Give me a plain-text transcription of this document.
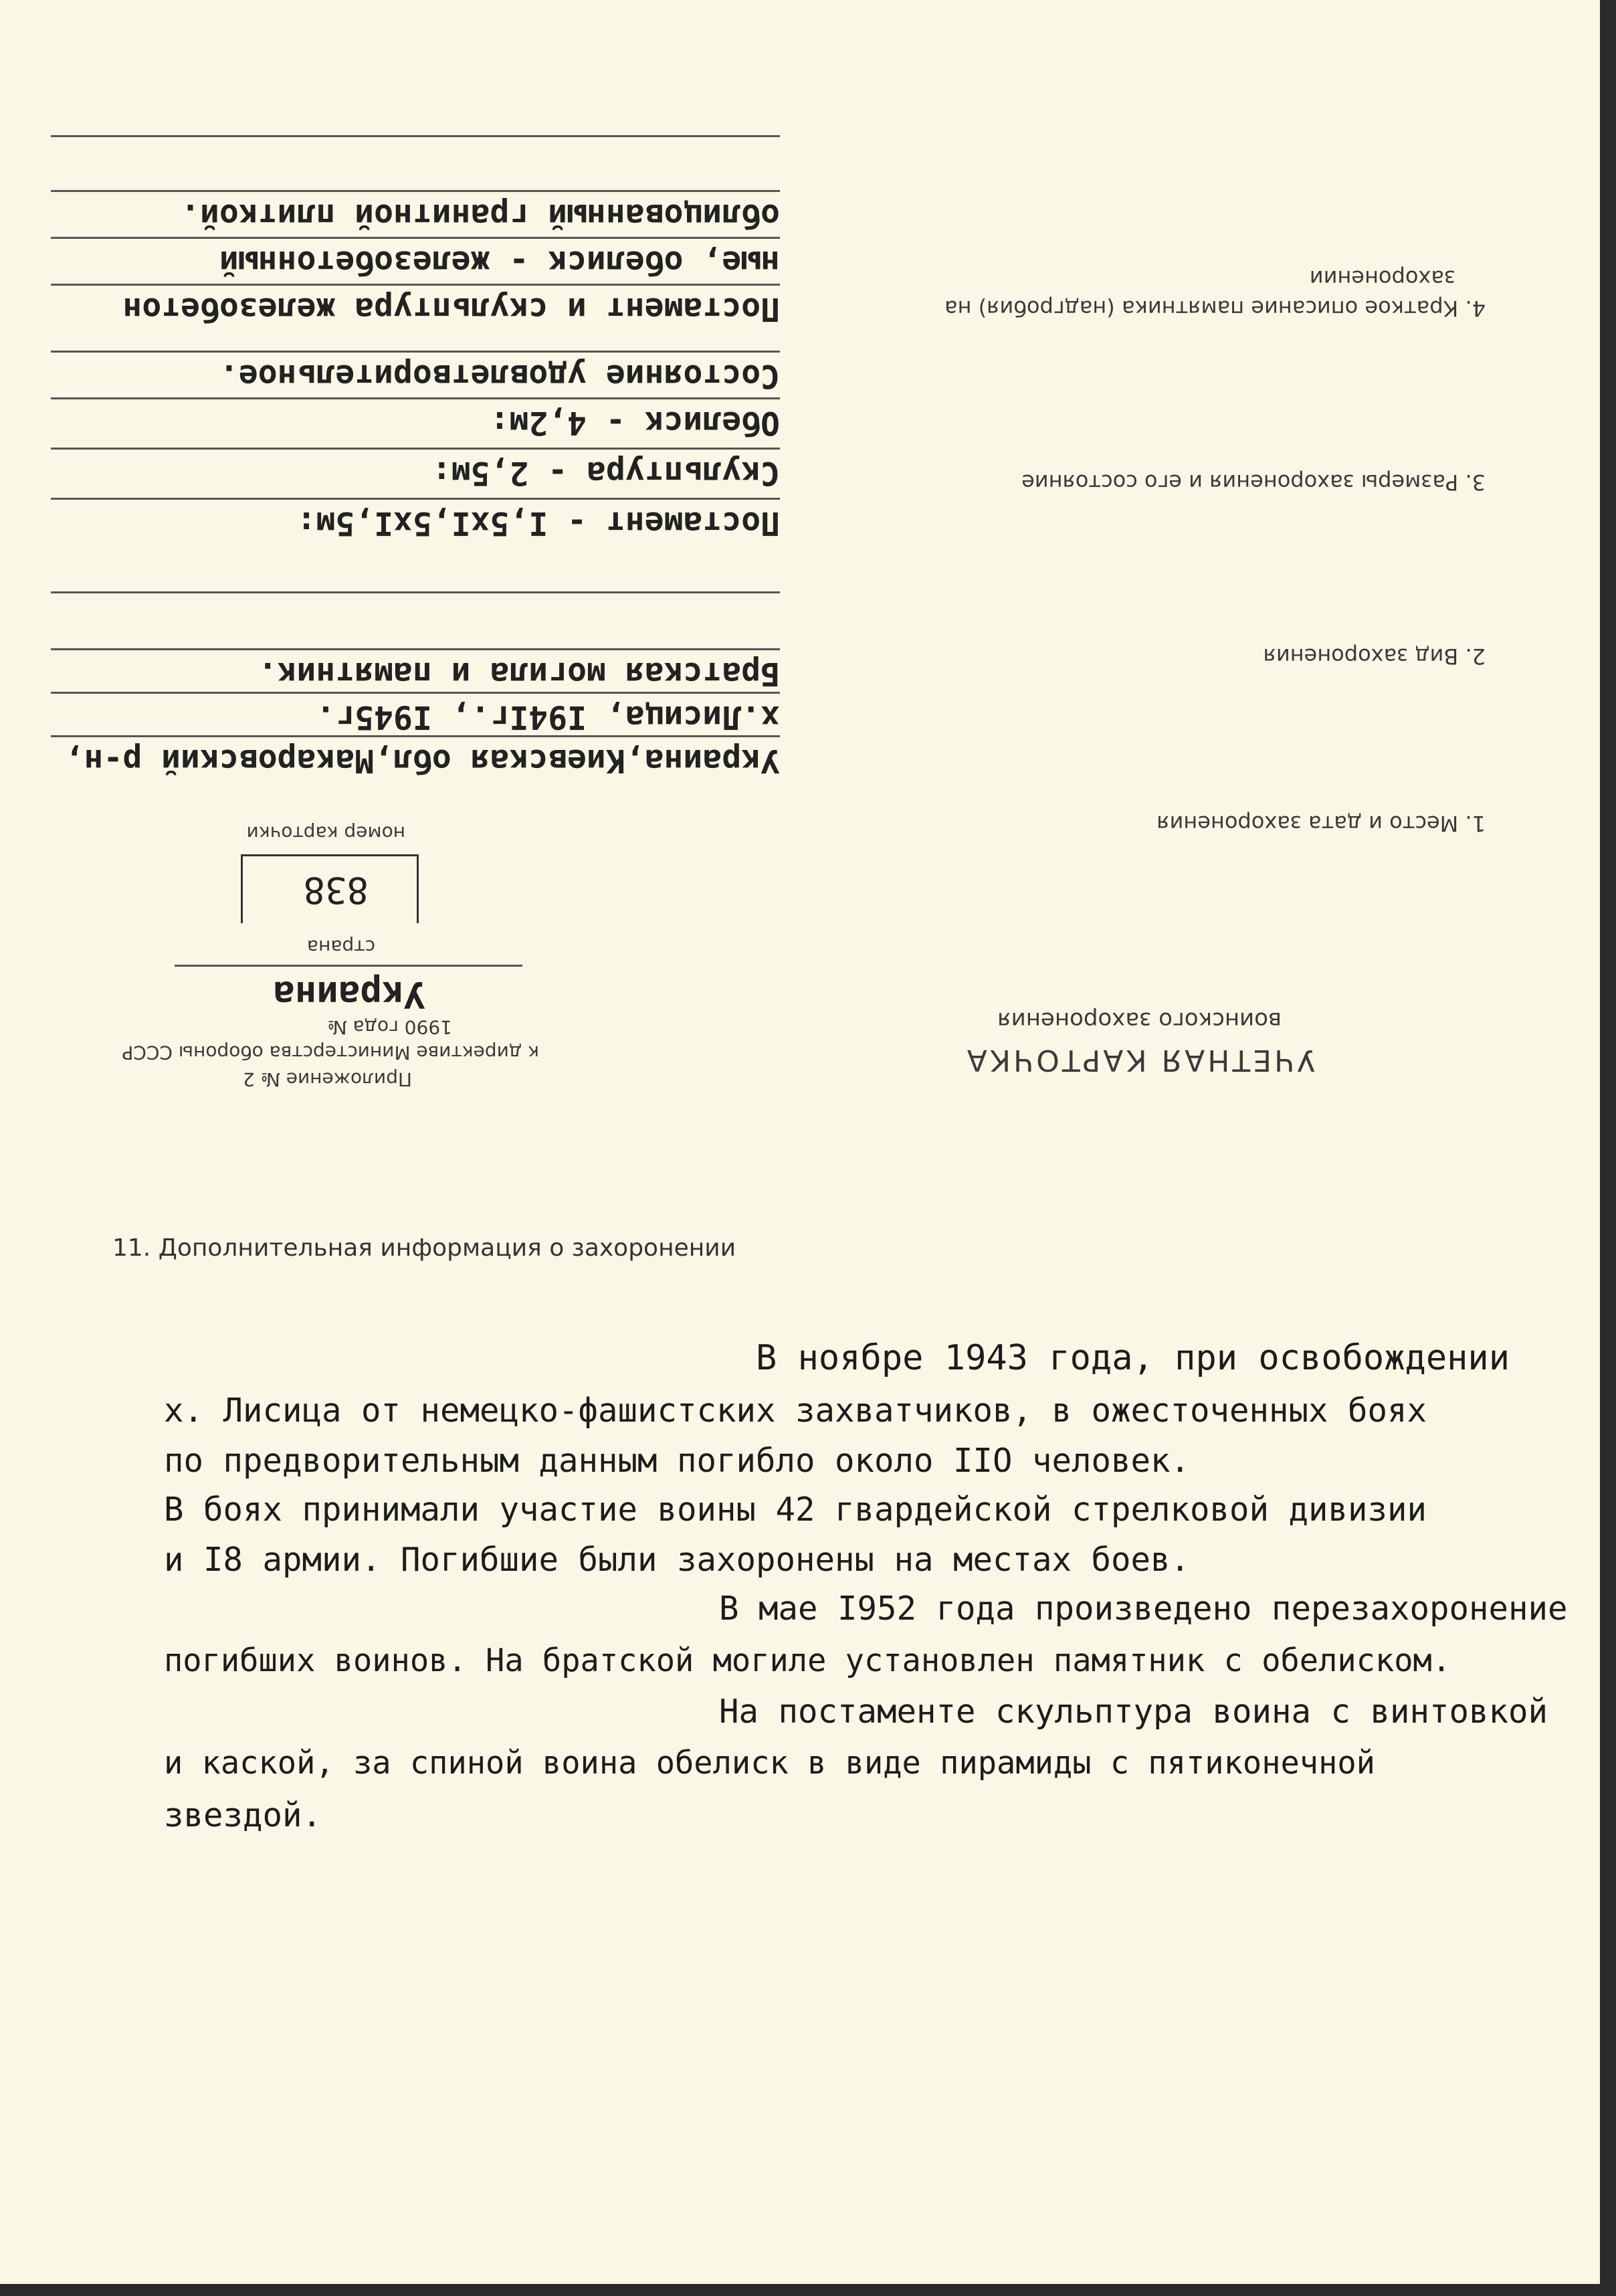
УЧЕТНАЯ КАРТОЧКА
воинского захоронения
Приложение № 2
к директиве Министерства обороны СССР
1990 года №
Украина
страна
838
номер карточки	1. Место и дата захоронения
2. Вид захоронения
3. Размеры захоронения и его состояние
4. Краткое описание памятника (надгробия) на
захоронении
Украина,Киевская обл,Макаровский р-н,
х.Лисица, I94Iг., I945г.
Братская могила и памятник.
Постамент - I,5хI,5хI,5м:
Скульптура - 2,5м:
Обелиск - 4,2м:
Состояние удовлетворительное.
Постамент и скульптура железобетон
ные, обелиск - железобетонный
облицованный гранитной плиткой.
11. Дополнительная информация о захоронении
В ноябре 1943 года, при освобождении
х. Лисица от немецко-фашистских захватчиков, в ожесточенных боях
по предворительным данным погибло около IIО человек.
В боях принимали участие воины 42 гвардейской стрелковой дивизии
и I8 армии. Погибшие были захоронены на местах боев.
В мае I952 года произведено перезахоронение
погибших воинов. На братской могиле установлен памятник с обелиском.
На постаменте скульптура воина с винтовкой
и каской, за спиной воина обелиск в виде пирамиды с пятиконечной
звездой.
